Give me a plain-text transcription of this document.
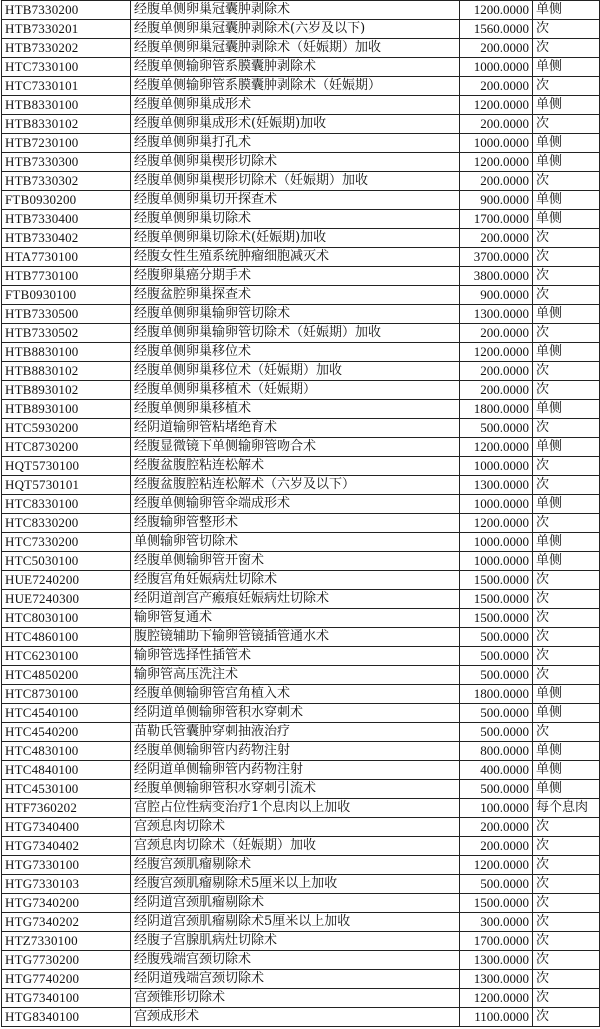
HTB7330200	经腹单侧卵巢冠囊肿剥除术	1200.0000	单侧
HTB7330201	经腹单侧卵巢冠囊肿剥除术(六岁及以下)	1560.0000	次
HTB7330202	经腹单侧卵巢冠囊肿剥除术（妊娠期）加收	200.0000	次
HTC7330100	经腹单侧输卵管系膜囊肿剥除术	1000.0000	单侧
HTC7330101	经腹单侧输卵管系膜囊肿剥除术（妊娠期）	200.0000	次
HTB8330100	经腹单侧卵巢成形术	1200.0000	单侧
HTB8330102	经腹单侧卵巢成形术(妊娠期)加收	200.0000	次
HTB7230100	经腹单侧卵巢打孔术	1000.0000	单侧
HTB7330300	经腹单侧卵巢楔形切除术	1200.0000	单侧
HTB7330302	经腹单侧卵巢楔形切除术（妊娠期）加收	200.0000	次
FTB0930200	经腹单侧卵巢切开探查术	900.0000	单侧
HTB7330400	经腹单侧卵巢切除术	1700.0000	单侧
HTB7330402	经腹单侧卵巢切除术(妊娠期)加收	200.0000	次
HTA7730100	经腹女性生殖系统肿瘤细胞减灭术	3700.0000	次
HTB7730100	经腹卵巢癌分期手术	3800.0000	次
FTB0930100	经腹盆腔卵巢探查术	900.0000	次
HTB7330500	经腹单侧卵巢输卵管切除术	1300.0000	单侧
HTB7330502	经腹单侧卵巢输卵管切除术（妊娠期）加收	200.0000	次
HTB8830100	经腹单侧卵巢移位术	1200.0000	单侧
HTB8830102	经腹单侧卵巢移位术（妊娠期）加收	200.0000	次
HTB8930102	经腹单侧卵巢移植术（妊娠期）	200.0000	次
HTB8930100	经腹单侧卵巢移植术	1800.0000	单侧
HTC5930200	经阴道输卵管粘堵绝育术	500.0000	次
HTC8730200	经腹显微镜下单侧输卵管吻合术	1200.0000	单侧
HQT5730100	经腹盆腹腔粘连松解术	1000.0000	次
HQT5730101	经腹盆腹腔粘连松解术（六岁及以下）	1300.0000	次
HTC8330100	经腹单侧输卵管伞端成形术	1000.0000	单侧
HTC8330200	经腹输卵管整形术	1200.0000	次
HTC7330200	单侧输卵管切除术	1000.0000	单侧
HTC5030100	经腹单侧输卵管开窗术	1000.0000	单侧
HUE7240200	经腹宫角妊娠病灶切除术	1500.0000	次
HUE7240300	经阴道剖宫产瘢痕妊娠病灶切除术	1500.0000	次
HTC8030100	输卵管复通术	1500.0000	次
HTC4860100	腹腔镜辅助下输卵管镜插管通水术	500.0000	次
HTC6230100	输卵管选择性插管术	500.0000	次
HTC4850200	输卵管高压洗注术	500.0000	次
HTC8730100	经腹单侧输卵管宫角植入术	1800.0000	单侧
HTC4540100	经阴道单侧输卵管积水穿刺术	500.0000	单侧
HTC4540200	苗勒氏管囊肿穿刺抽液治疗	500.0000	次
HTC4830100	经腹单侧输卵管内药物注射	800.0000	单侧
HTC4840100	经阴道单侧输卵管内药物注射	400.0000	单侧
HTC4530100	经腹单侧输卵管积水穿刺引流术	500.0000	单侧
HTF7360202	宫腔占位性病变治疗1个息肉以上加收	100.0000	每个息肉
HTG7340400	宫颈息肉切除术	200.0000	次
HTG7340402	宫颈息肉切除术（妊娠期）加收	200.0000	次
HTG7330100	经腹宫颈肌瘤剔除术	1200.0000	次
HTG7330103	经腹宫颈肌瘤剔除术5厘米以上加收	500.0000	次
HTG7340200	经阴道宫颈肌瘤剔除术	1500.0000	次
HTG7340202	经阴道宫颈肌瘤剔除术5厘米以上加收	300.0000	次
HTZ7330100	经腹子宫腺肌病灶切除术	1700.0000	次
HTG7730200	经腹残端宫颈切除术	1300.0000	次
HTG7740200	经阴道残端宫颈切除术	1300.0000	次
HTG7340100	宫颈锥形切除术	1200.0000	次
HTG8340100	宫颈成形术	1100.0000	次
